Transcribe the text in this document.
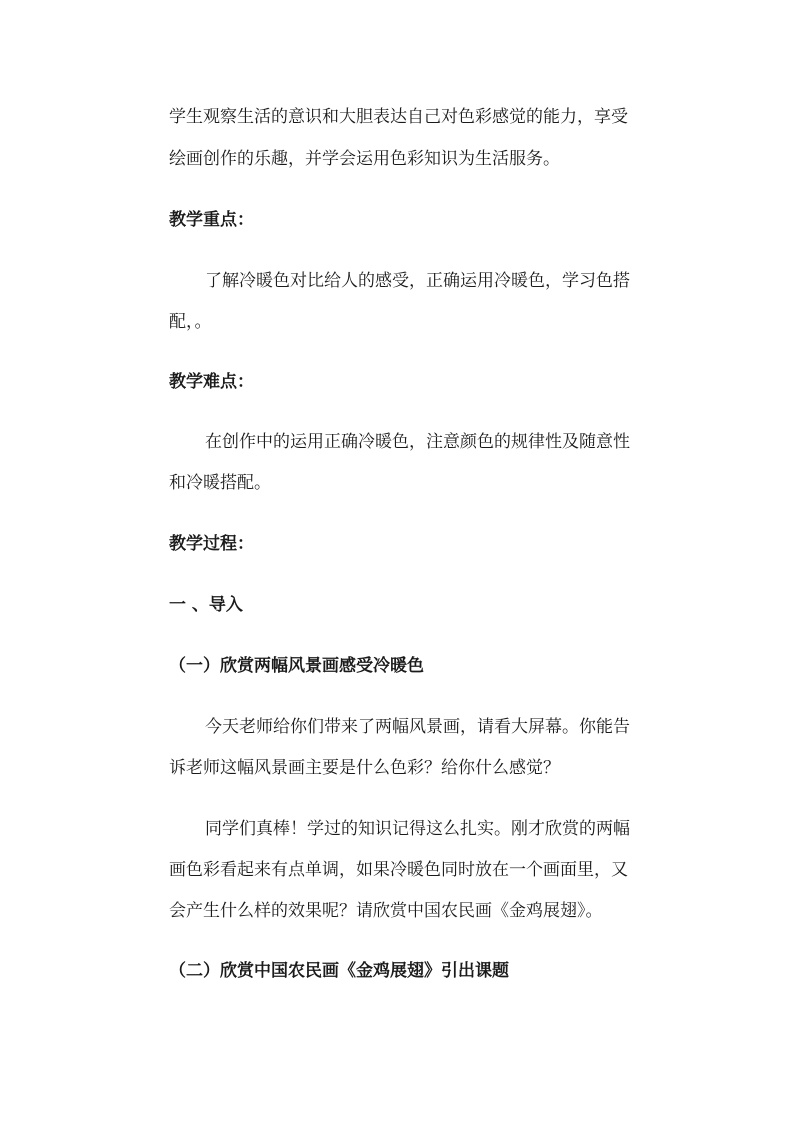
学生观察生活的意识和大胆表达自己对色彩感觉的能力，享受

绘画创作的乐趣，并学会运用色彩知识为生活服务。

教学重点：

了解冷暖色对比给人的感受，正确运用冷暖色，学习色搭

配，。

教学难点：

在创作中的运用正确冷暖色，注意颜色的规律性及随意性

和冷暖搭配。

教学过程：

一 、导入

（一）欣赏两幅风景画感受冷暖色

今天老师给你们带来了两幅风景画，请看大屏幕。你能告

诉老师这幅风景画主要是什么色彩？给你什么感觉？

同学们真棒！学过的知识记得这么扎实。刚才欣赏的两幅

画色彩看起来有点单调，如果冷暖色同时放在一个画面里，又

会产生什么样的效果呢？请欣赏中国农民画《金鸡展翅》。

（二）欣赏中国农民画《金鸡展翅》引出课题
